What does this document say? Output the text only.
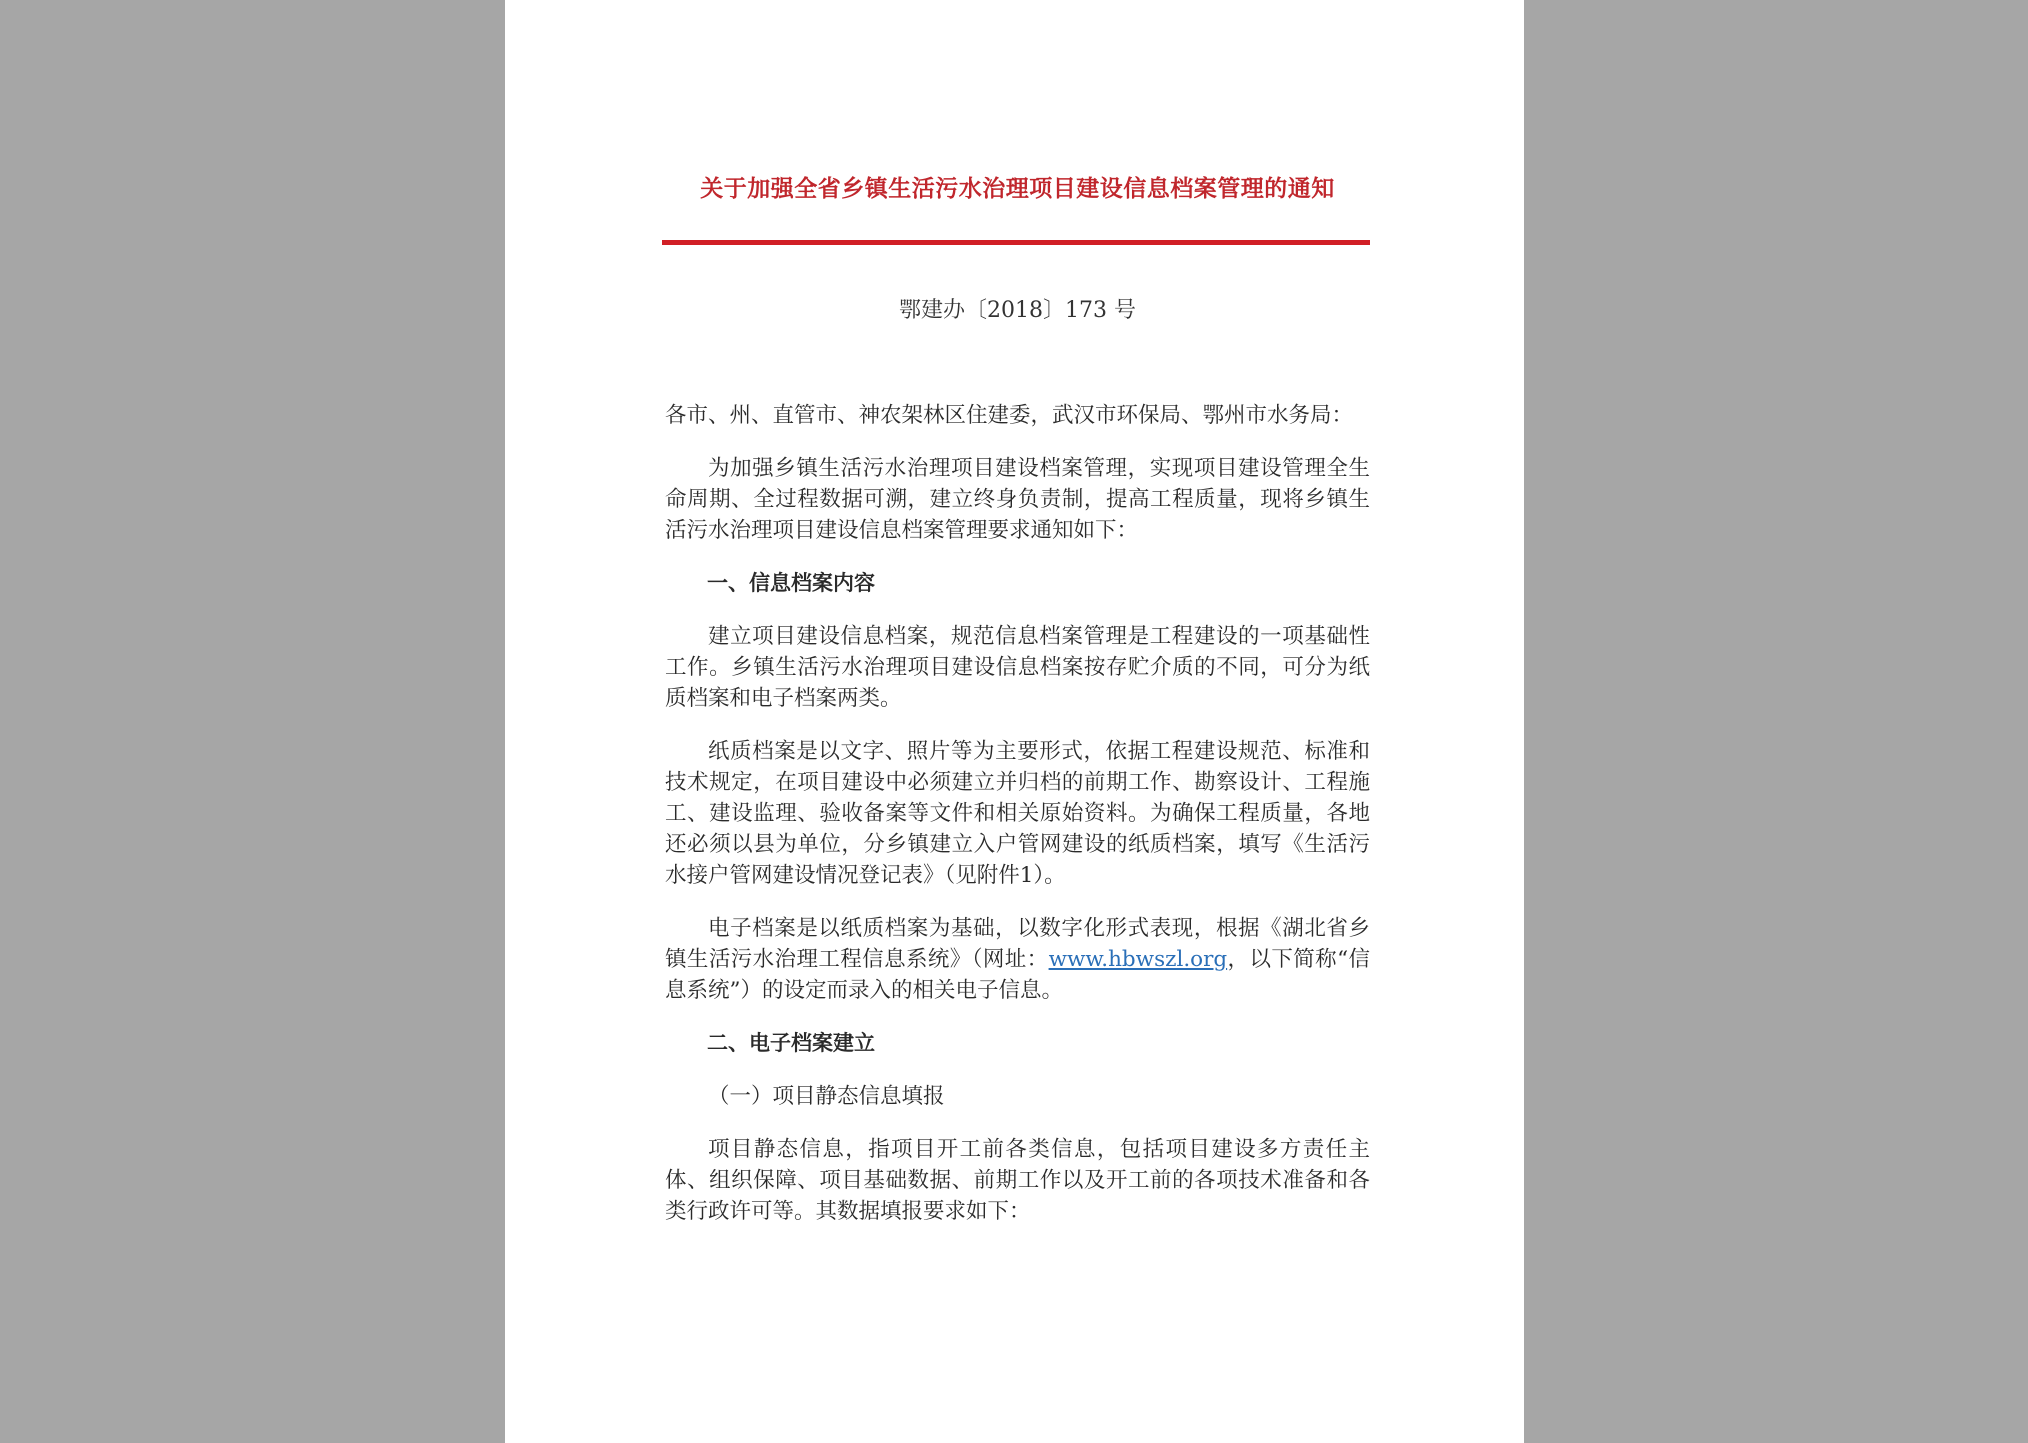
关于加强全省乡镇生活污水治理项目建设信息档案管理的通知
鄂建办〔2018〕173 号

各市、州、直管市、神农架林区住建委，武汉市环保局、鄂州市水务局：

为加强乡镇生活污水治理项目建设档案管理，实现项目建设管理全生命周期、全过程数据可溯，建立终身负责制，提高工程质量，现将乡镇生活污水治理项目建设信息档案管理要求通知如下：

一、信息档案内容

建立项目建设信息档案，规范信息档案管理是工程建设的一项基础性工作。乡镇生活污水治理项目建设信息档案按存贮介质的不同，可分为纸质档案和电子档案两类。

纸质档案是以文字、照片等为主要形式，依据工程建设规范、标准和技术规定，在项目建设中必须建立并归档的前期工作、勘察设计、工程施工、建设监理、验收备案等文件和相关原始资料。为确保工程质量，各地还必须以县为单位，分乡镇建立入户管网建设的纸质档案，填写《生活污水接户管网建设情况登记表》（见附件1）。

电子档案是以纸质档案为基础，以数字化形式表现，根据《湖北省乡镇生活污水治理工程信息系统》（网址：www.hbwszl.org，以下简称“信息系统”）的设定而录入的相关电子信息。

二、电子档案建立

（一）项目静态信息填报

项目静态信息，指项目开工前各类信息，包括项目建设多方责任主体、组织保障、项目基础数据、前期工作以及开工前的各项技术准备和各类行政许可等。其数据填报要求如下：
